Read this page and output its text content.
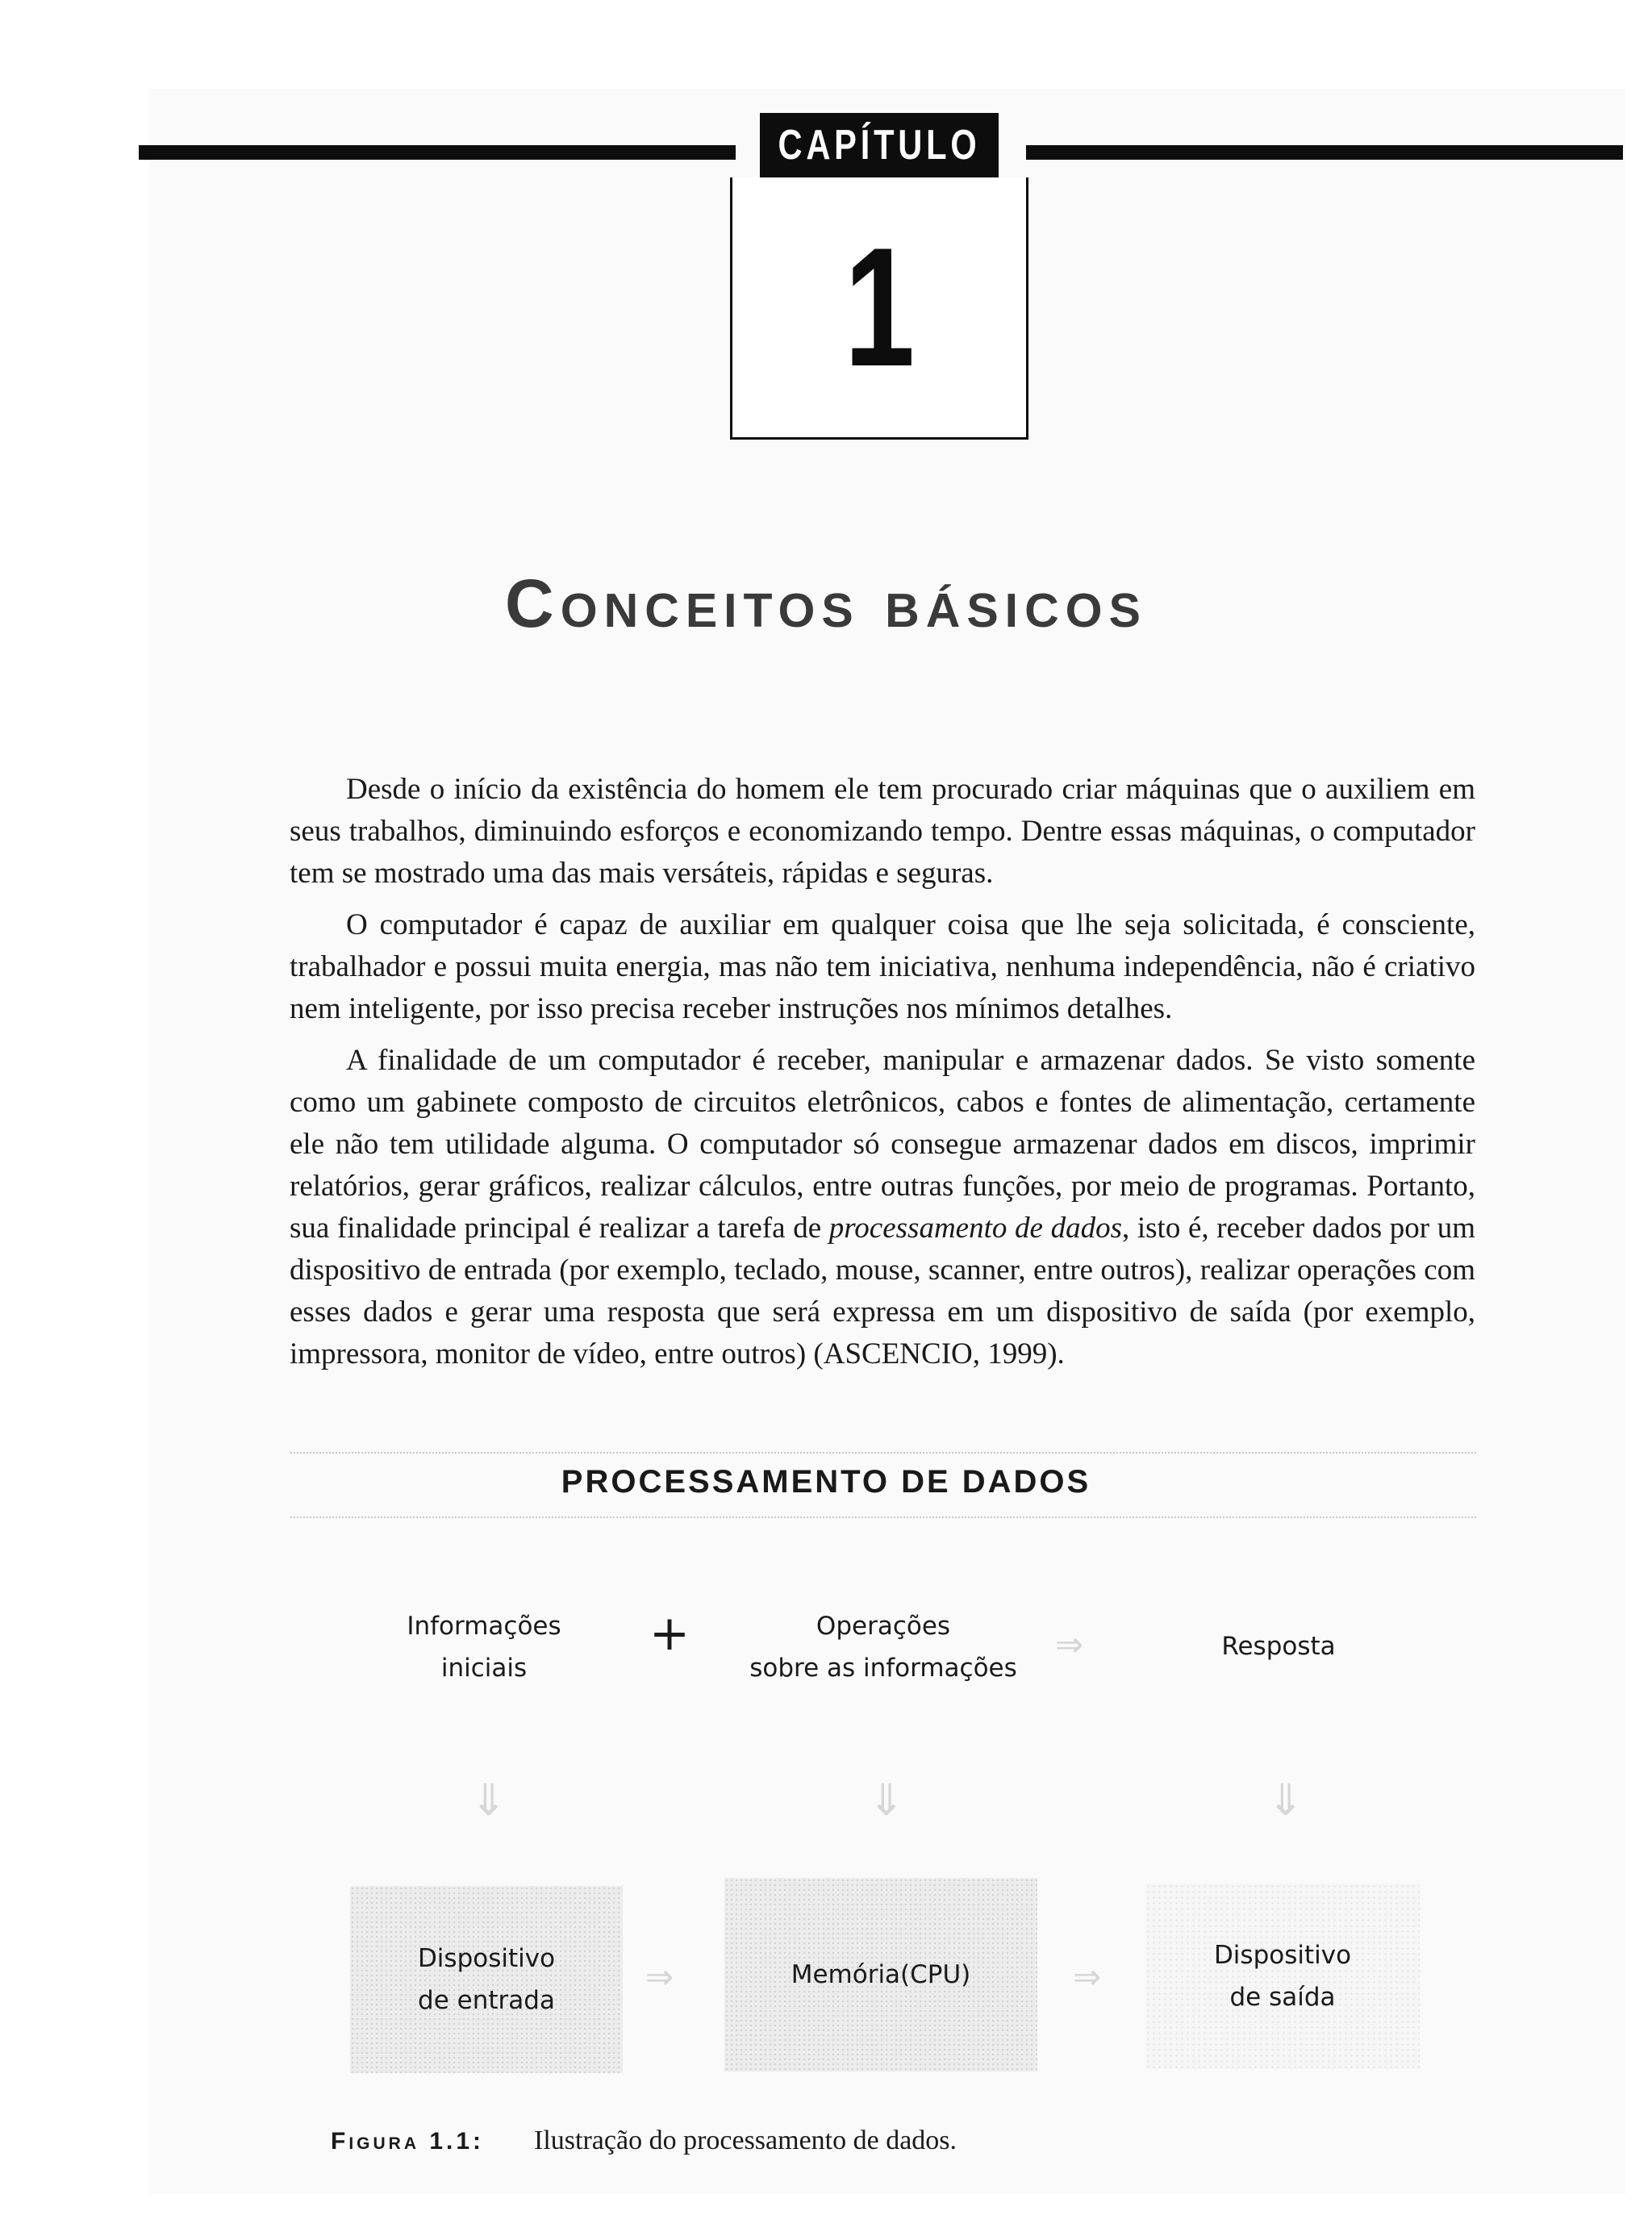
CAPÍTULO
1
Conceitos básicos

Desde o início da existência do homem ele tem procurado criar máquinas que o auxiliem em seus trabalhos, diminuindo esforços e economizando tempo. Dentre essas máquinas, o computador tem se mostrado uma das mais versáteis, rápidas e seguras.

O computador é capaz de auxiliar em qualquer coisa que lhe seja solicitada, é consciente, trabalhador e possui muita energia, mas não tem iniciativa, nenhuma independência, não é criativo nem inteligente, por isso precisa receber instruções nos mínimos detalhes.

A finalidade de um computador é receber, manipular e armazenar dados. Se visto somente como um gabinete composto de circuitos eletrônicos, cabos e fontes de alimentação, certamente ele não tem utilidade alguma. O computador só consegue armazenar dados em discos, imprimir relatórios, gerar gráficos, realizar cálculos, entre outras funções, por meio de programas. Portanto, sua finalidade principal é realizar a tarefa de processamento de dados, isto é, receber dados por um dispositivo de entrada (por exemplo, teclado, mouse, scanner, entre outros), realizar operações com esses dados e gerar uma resposta que será expressa em um dispositivo de saída (por exemplo, impressora, monitor de vídeo, entre outros) (ASCENCIO, 1999).

PROCESSAMENTO DE DADOS
Informações
iniciais
+	Operações
sobre as informações
⇒	Resposta
⇓	⇓	⇓
Dispositivo
de entrada
⇒	Memória(CPU)	⇒
Dispositivo
de saída
Figura 1.1: Ilustração do processamento de dados.
